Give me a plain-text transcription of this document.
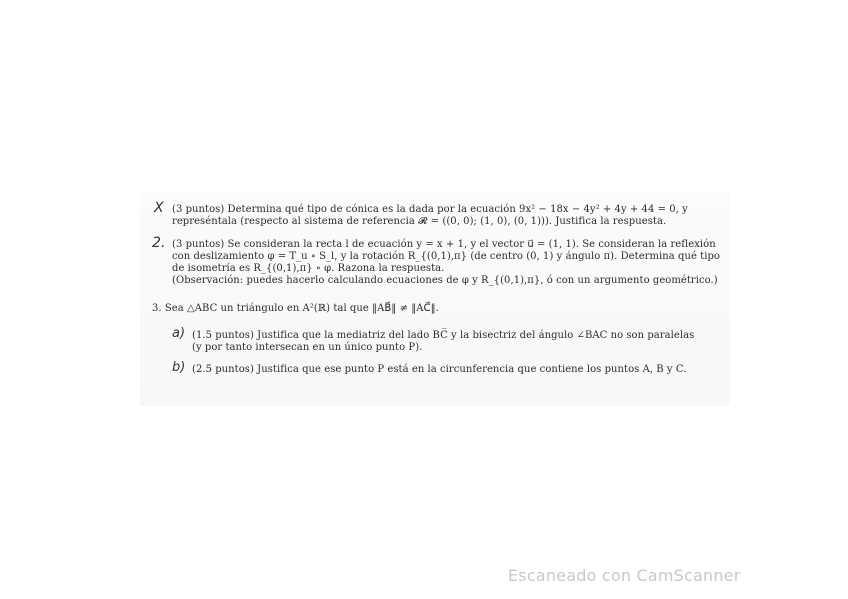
X (3 puntos) Determina qué tipo de cónica es la dada por la ecuación 9x² − 18x − 4y² + 4y + 44 = 0, y
represéntala (respecto al sistema de referencia 𝓡 = ((0, 0); (1, 0), (0, 1))). Justifica la respuesta.
2. (3 puntos) Se consideran la recta l de ecuación y = x + 1, y el vector u⃗ = (1, 1). Se consideran la reflexión
con deslizamiento φ = T_u ∘ S_l, y la rotación R_{(0,1),π} (de centro (0, 1) y ángulo π). Determina qué tipo
de isometría es R_{(0,1),π} ∘ φ. Razona la respuesta.
(Observación: puedes hacerlo calculando ecuaciones de φ y R_{(0,1),π}, ó con un argumento geométrico.)
3. Sea △ABC un triángulo en A²(ℝ) tal que ‖AB⃗‖ ≠ ‖AC⃗‖.
a) (1.5 puntos) Justifica que la mediatriz del lado BC̅ y la bisectriz del ángulo ∠BAC no son paralelas
(y por tanto intersecan en un único punto P).
b) (2.5 puntos) Justifica que ese punto P está en la circunferencia que contiene los puntos A, B y C.
Escaneado con CamScanner
